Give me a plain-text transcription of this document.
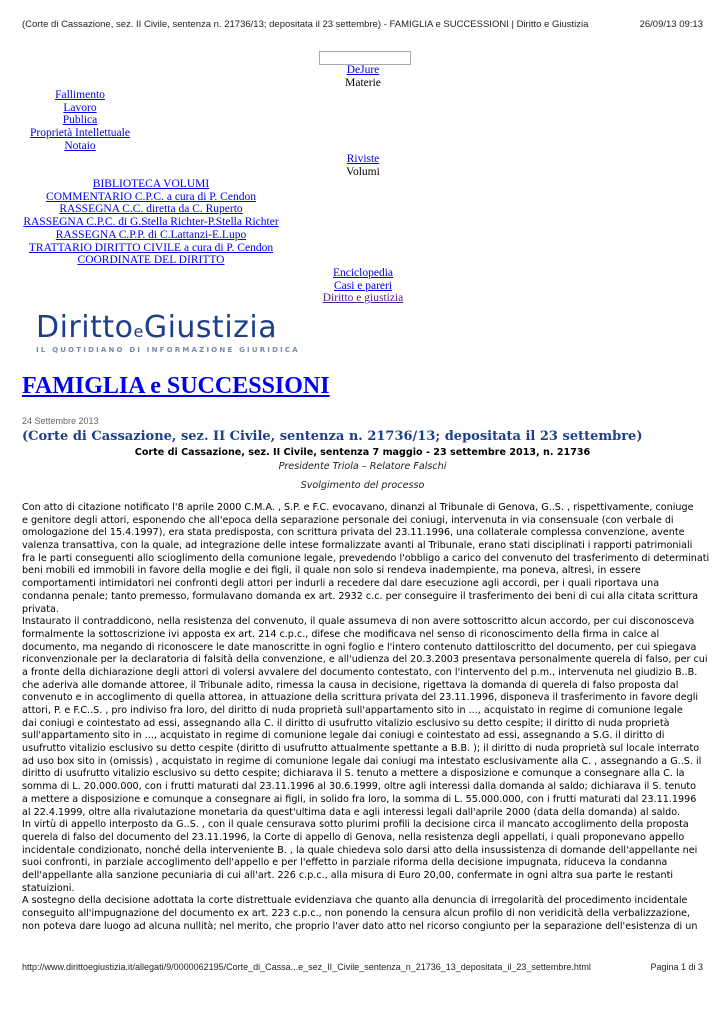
(Corte di Cassazione, sez. II Civile, sentenza n. 21736/13; depositata il 23 settembre) - FAMIGLIA e SUCCESSIONI | Diritto e Giustizia	26/09/13 09:13
DeJure
Materie
Fallimento
Lavoro
Publica
Proprietà Intellettuale
Notaio
Riviste
Volumi
BIBLIOTECA VOLUMI
COMMENTARIO C.P.C. a cura di P. Cendon
RASSEGNA C.C. diretta da C. Ruperto
RASSEGNA C.P.C. di G.Stella Richter-P.Stella Richter
RASSEGNA C.P.P. di C.Lattanzi-E.Lupo
TRATTARIO DIRITTO CIVILE a cura di P. Cendon
COORDINATE DEL DIRITTO
Enciclopedia
Casi e pareri
Diritto e giustizia
DirittoeGiustizia
IL QUOTIDIANO DI INFORMAZIONE GIURIDICA
FAMIGLIA e SUCCESSIONI
24 Settembre 2013
(Corte di Cassazione, sez. II Civile, sentenza n. 21736/13; depositata il 23 settembre)
Corte di Cassazione, sez. II Civile, sentenza 7 maggio - 23 settembre 2013, n. 21736
Presidente Triola – Relatore Falschi
Svolgimento del processo
Con atto di citazione notificato l'8 aprile 2000 C.M.A. , S.P. e F.C. evocavano, dinanzi al Tribunale di Genova, G..S. , rispettivamente, coniuge
e genitore degli attori, esponendo che all'epoca della separazione personale dei coniugi, intervenuta in via consensuale (con verbale di
omologazione del 15.4.1997), era stata predisposta, con scrittura privata del 23.11.1996, una collaterale complessa convenzione, avente
valenza transattiva, con la quale, ad integrazione delle intese formalizzate avanti al Tribunale, erano stati disciplinati i rapporti patrimoniali
fra le parti conseguenti allo scioglimento della comunione legale, prevedendo l'obbligo a carico del convenuto del trasferimento di determinati
beni mobili ed immobili in favore della moglie e dei figli, il quale non solo si rendeva inadempiente, ma poneva, altresì, in essere
comportamenti intimidatori nei confronti degli attori per indurli a recedere dal dare esecuzione agli accordi, per i quali riportava una
condanna penale; tanto premesso, formulavano domanda ex art. 2932 c.c. per conseguire il trasferimento dei beni di cui alla citata scrittura
privata.
Instaurato il contraddicono, nella resistenza del convenuto, il quale assumeva di non avere sottoscritto alcun accordo, per cui disconosceva
formalmente la sottoscrizione ivi apposta ex art. 214 c.p.c., difese che modificava nel senso di riconoscimento della firma in calce al
documento, ma negando di riconoscere le date manoscritte in ogni foglio e l'intero contenuto dattiloscritto del documento, per cui spiegava
riconvenzionale per la declaratoria di falsità della convenzione, e all'udienza del 20.3.2003 presentava personalmente querela di falso, per cui
a fronte della dichiarazione degli attori di volersi avvalere del documento contestato, con l'intervento del p.m., intervenuta nel giudizio B..B.
che aderiva alle domande attoree, il Tribunale adito, rimessa la causa in decisione, rigettava la domanda di querela di falso proposta dal
convenuto e in accoglimento di quella attorea, in attuazione della scrittura privata del 23.11.1996, disponeva il trasferimento in favore degli
attori, P. e F.C..S. , pro indiviso fra loro, del diritto di nuda proprietà sull'appartamento sito in ..., acquistato in regime di comunione legale
dai coniugi e cointestato ad essi, assegnando alla C. il diritto di usufrutto vitalizio esclusivo su detto cespite; il diritto di nuda proprietà
sull'appartamento sito in ..., acquistato in regime di comunione legale dai coniugi e cointestato ad essi, assegnando a S.G. il diritto di
usufrutto vitalizio esclusivo su detto cespite (diritto di usufrutto attualmente spettante a B.B. ); il diritto di nuda proprietà sul locale interrato
ad uso box sito in (omissis) , acquistato in regime di comunione legale dai coniugi ma intestato esclusivamente alla C. , assegnando a G..S. il
diritto di usufrutto vitalizio esclusivo su detto cespite; dichiarava il S. tenuto a mettere a disposizione e comunque a consegnare alla C. la
somma di L. 20.000.000, con i frutti maturati dal 23.11.1996 al 30.6.1999, oltre agli interessi dalla domanda al saldo; dichiarava il S. tenuto
a mettere a disposizione e comunque a consegnare ai figli, in solido fra loro, la somma di L. 55.000.000, con i frutti maturati dal 23.11.1996
al 22.4.1999, oltre alla rivalutazione monetaria da quest'ultima data e agli interessi legali dall'aprile 2000 (data della domanda) al saldo.
In virtù di appello interposto da G..S. , con il quale censurava sotto plurimi profili la decisione circa il mancato accoglimento della proposta
querela di falso del documento del 23.11.1996, la Corte di appello di Genova, nella resistenza degli appellati, i quali proponevano appello
incidentale condizionato, nonché della interveniente B. , la quale chiedeva solo darsi atto della insussistenza di domande dell'appellante nei
suoi confronti, in parziale accoglimento dell'appello e per l'effetto in parziale riforma della decisione impugnata, riduceva la condanna
dell'appellante alla sanzione pecuniaria di cui all'art. 226 c.p.c., alla misura di Euro 20,00, confermate in ogni altra sua parte le restanti
statuizioni.
A sostegno della decisione adottata la corte distrettuale evidenziava che quanto alla denuncia di irregolarità del procedimento incidentale
conseguito all'impugnazione del documento ex art. 223 c.p.c., non ponendo la censura alcun profilo di non veridicità della verbalizzazione,
non poteva dare luogo ad alcuna nullità; nel merito, che proprio l'aver dato atto nel ricorso congiunto per la separazione dell'esistenza di un
http://www.dirittoegiustizia.it/allegati/9/0000062195/Corte_di_Cassa...e_sez_II_Civile_sentenza_n_21736_13_depositata_il_23_settembre.html	Pagina 1 di 3
